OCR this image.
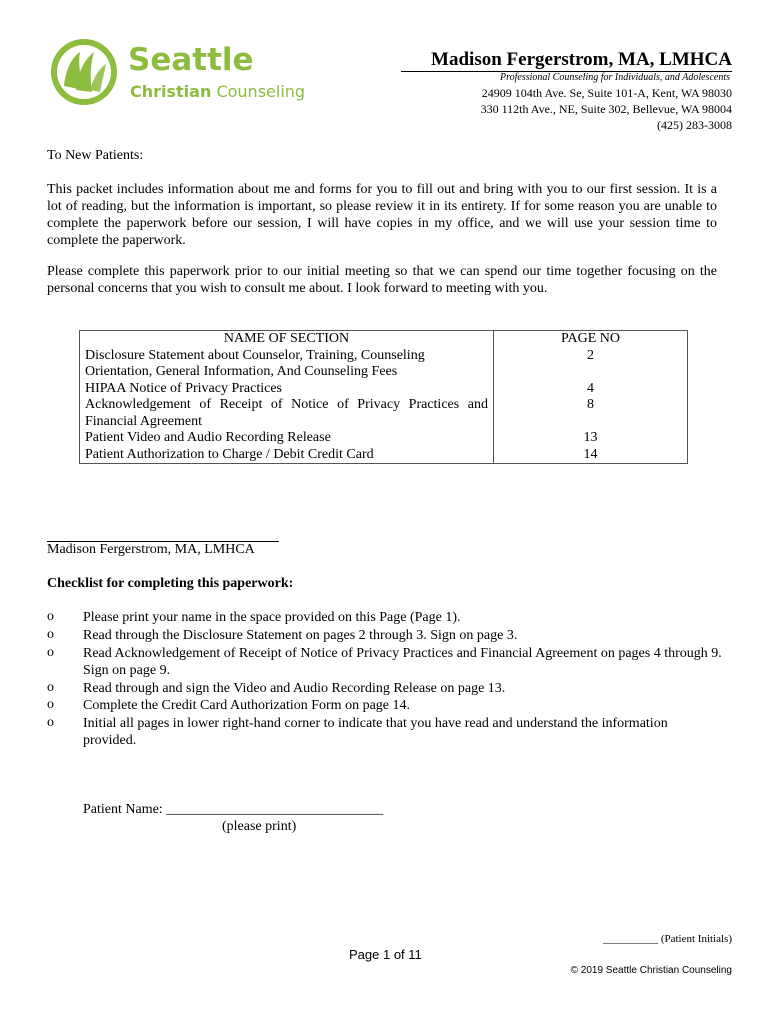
Seattle
Christian Counseling
Madison Fergerstrom, MA, LMHCA
Professional Counseling for Individuals, and Adolescents
24909 104th Ave. Se, Suite 101-A, Kent, WA 98030
330 112th Ave., NE, Suite 302, Bellevue, WA 98004
(425) 283-3008
To New Patients:
This packet includes information about me and forms for you to fill out and bring with you to our first session. It is a lot of reading, but the information is important, so please review it in its entirety. If for some reason you are unable to complete the paperwork before our session, I will have copies in my office, and we will use your session time to complete the paperwork.
Please complete this paperwork prior to our initial meeting so that we can spend our time together focusing on the personal concerns that you wish to consult me about. I look forward to meeting with you.
NAME OF SECTION	PAGE NO
Disclosure Statement about Counselor, Training, Counseling Orientation, General Information, And Counseling Fees	2
HIPAA Notice of Privacy Practices	4
Acknowledgement of Receipt of Notice of Privacy Practices and Financial Agreement	8
Patient Video and Audio Recording Release	13
Patient Authorization to Charge / Debit Credit Card	14
Madison Fergerstrom, MA, LMHCA
Checklist for completing this paperwork:
o Please print your name in the space provided on this Page (Page 1).
o Read through the Disclosure Statement on pages 2 through 3. Sign on page 3.
o Read Acknowledgement of Receipt of Notice of Privacy Practices and Financial Agreement on pages 4 through 9. Sign on page 9.
o Read through and sign the Video and Audio Recording Release on page 13.
o Complete the Credit Card Authorization Form on page 14.
o Initial all pages in lower right-hand corner to indicate that you have read and understand the information provided.
Patient Name: _______________________________
(please print)
__________ (Patient Initials)
Page 1 of 11
© 2019 Seattle Christian Counseling
